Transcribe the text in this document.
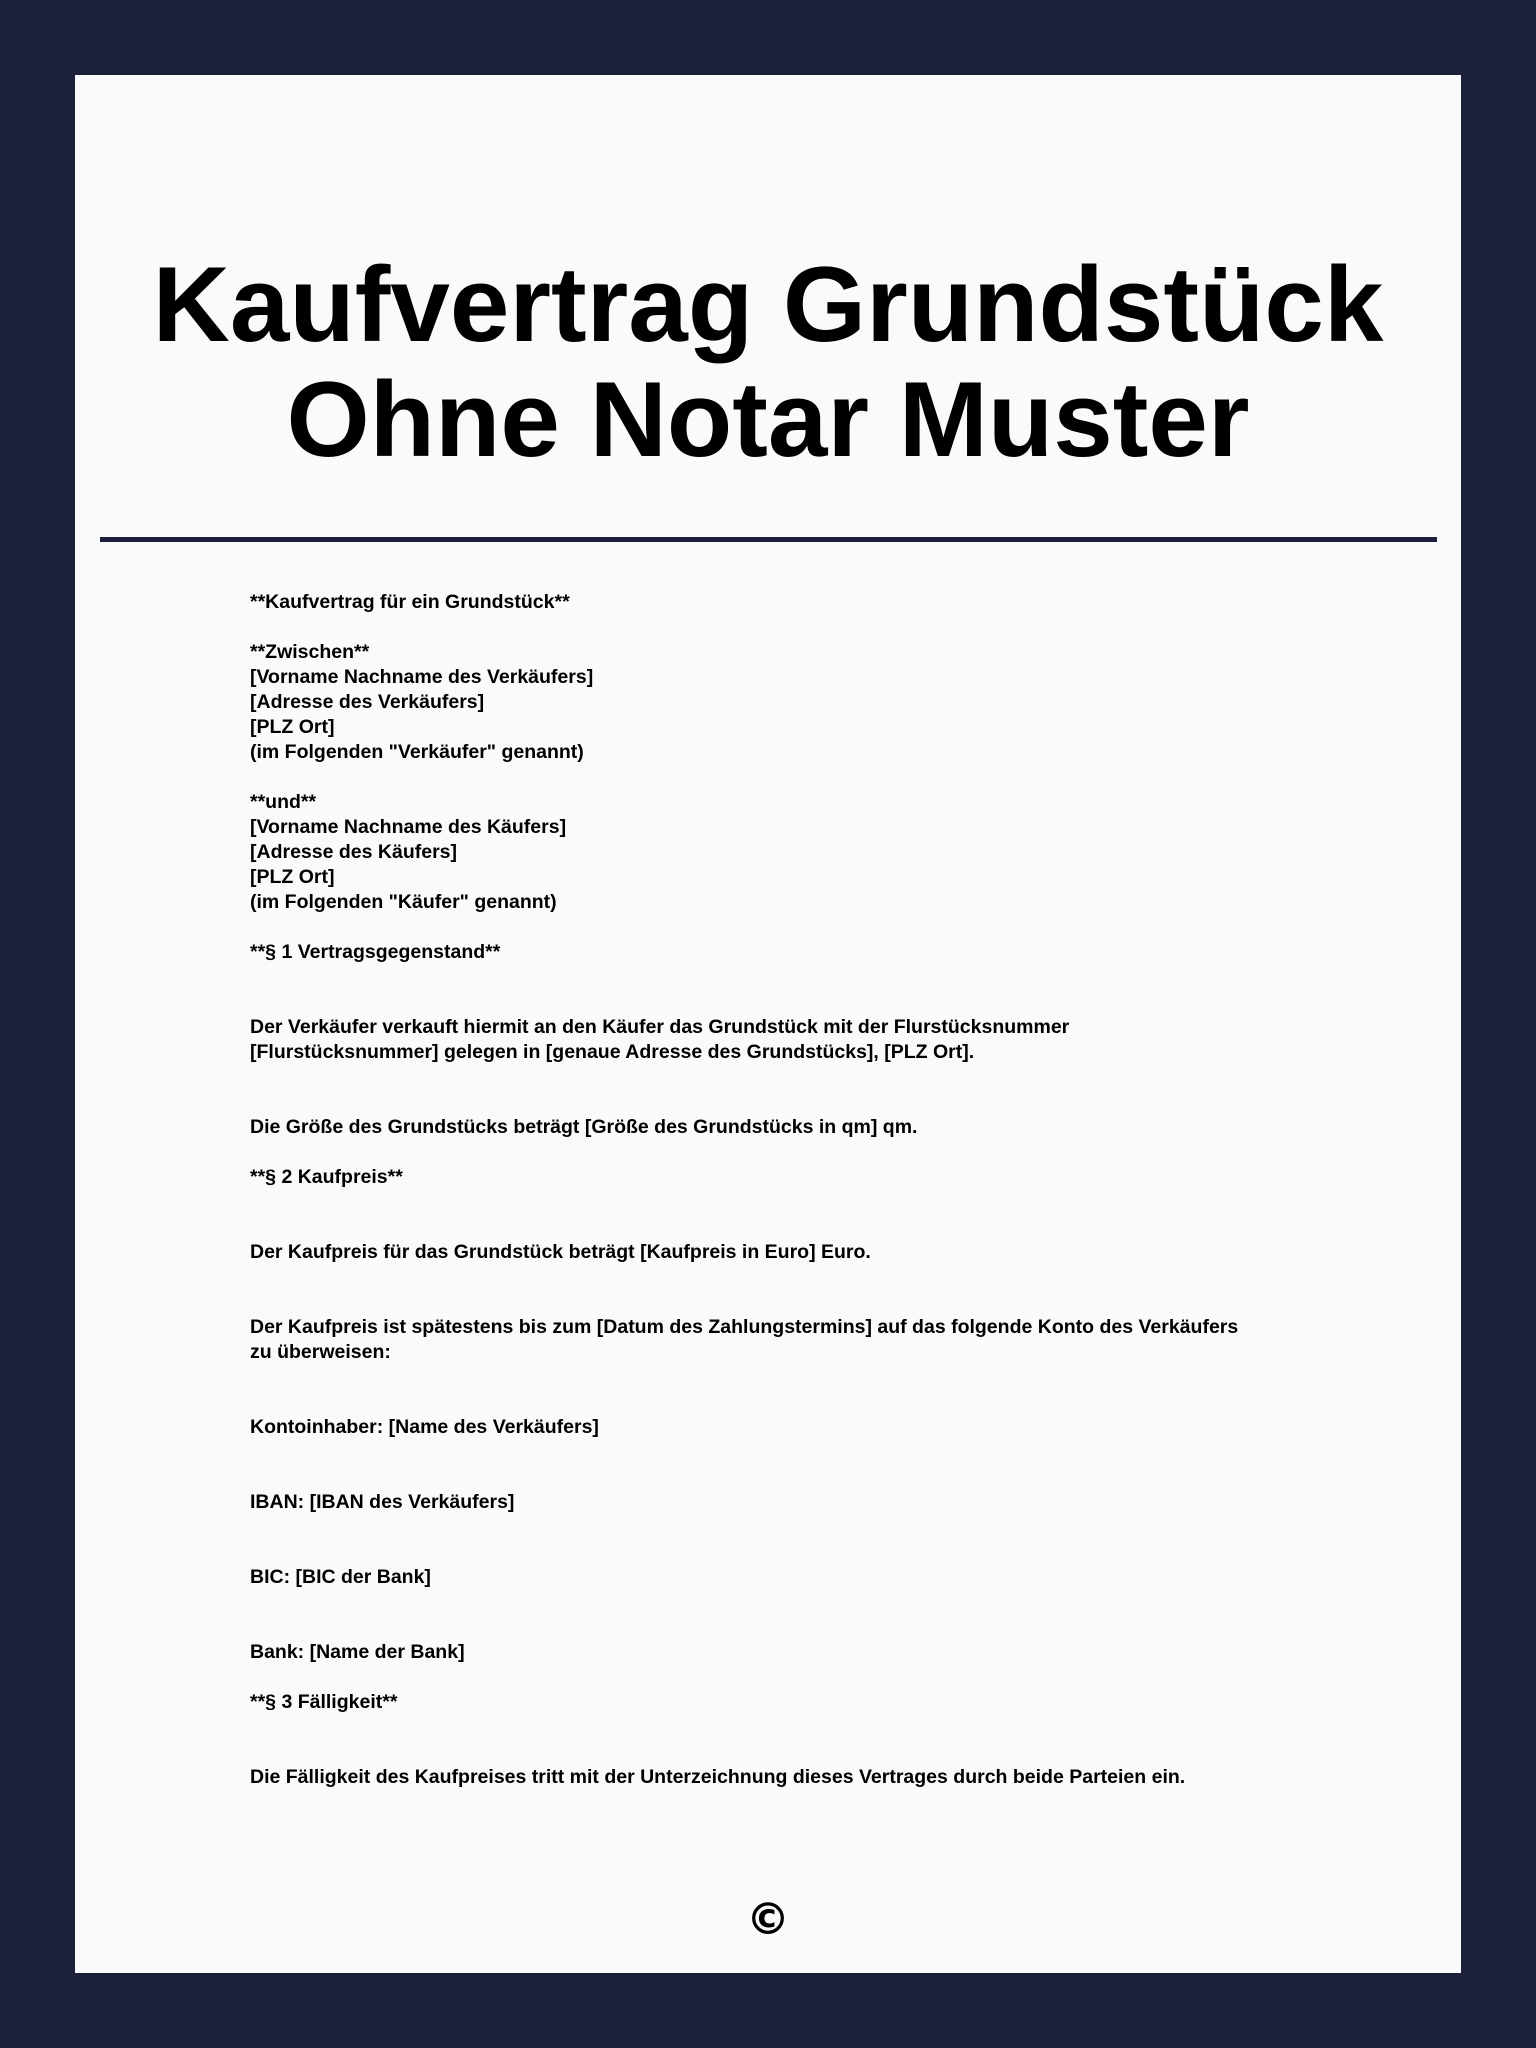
Kaufvertrag Grundstück
Ohne Notar Muster
**Kaufvertrag für ein Grundstück**
**Zwischen**
[Vorname Nachname des Verkäufers]
[Adresse des Verkäufers]
[PLZ Ort]
(im Folgenden "Verkäufer" genannt)
**und**
[Vorname Nachname des Käufers]
[Adresse des Käufers]
[PLZ Ort]
(im Folgenden "Käufer" genannt)
**§ 1 Vertragsgegenstand**
Der Verkäufer verkauft hiermit an den Käufer das Grundstück mit der Flurstücksnummer
[Flurstücksnummer] gelegen in [genaue Adresse des Grundstücks], [PLZ Ort].
Die Größe des Grundstücks beträgt [Größe des Grundstücks in qm] qm.
**§ 2 Kaufpreis**
Der Kaufpreis für das Grundstück beträgt [Kaufpreis in Euro] Euro.
Der Kaufpreis ist spätestens bis zum [Datum des Zahlungstermins] auf das folgende Konto des Verkäufers
zu überweisen:
Kontoinhaber: [Name des Verkäufers]
IBAN: [IBAN des Verkäufers]
BIC: [BIC der Bank]
Bank: [Name der Bank]
**§ 3 Fälligkeit**
Die Fälligkeit des Kaufpreises tritt mit der Unterzeichnung dieses Vertrages durch beide Parteien ein.
©
